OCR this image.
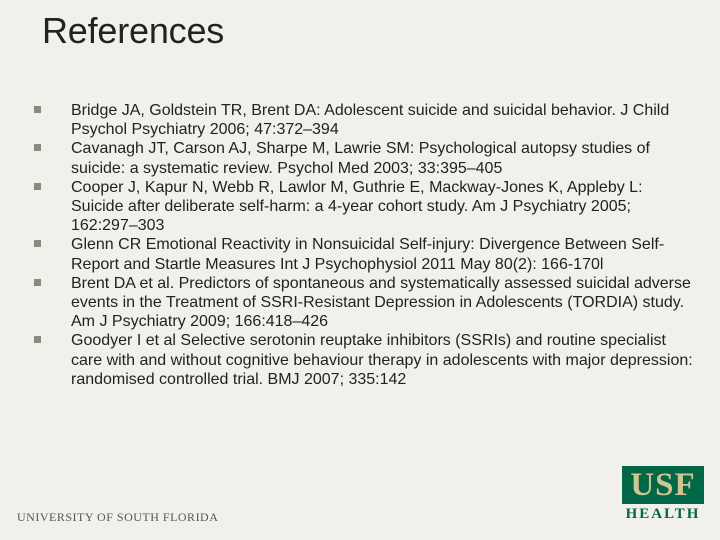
References
Bridge JA, Goldstein TR, Brent DA: Adolescent suicide and suicidal behavior. J Child Psychol Psychiatry 2006; 47:372–394
Cavanagh JT, Carson AJ, Sharpe M, Lawrie SM: Psychological autopsy studies of suicide: a systematic review. Psychol Med 2003; 33:395–405
Cooper J, Kapur N, Webb R, Lawlor M, Guthrie E, Mackway-Jones K, Appleby L: Suicide after deliberate self-harm: a 4-year cohort study. Am J Psychiatry 2005; 162:297–303
Glenn CR Emotional Reactivity in Nonsuicidal Self-injury: Divergence Between Self-Report and Startle Measures Int J Psychophysiol 2011 May 80(2): 166-170l
Brent DA et al. Predictors of spontaneous and systematically assessed suicidal adverse events in the Treatment of SSRI-Resistant Depression in Adolescents (TORDIA) study. Am J Psychiatry 2009; 166:418–426
Goodyer I et al Selective serotonin reuptake inhibitors (SSRIs) and routine specialist care with and without cognitive behaviour therapy in adolescents with major depression: randomised controlled trial. BMJ 2007; 335:142
UNIVERSITY OF SOUTH FLORIDA
USF
HEALTH
